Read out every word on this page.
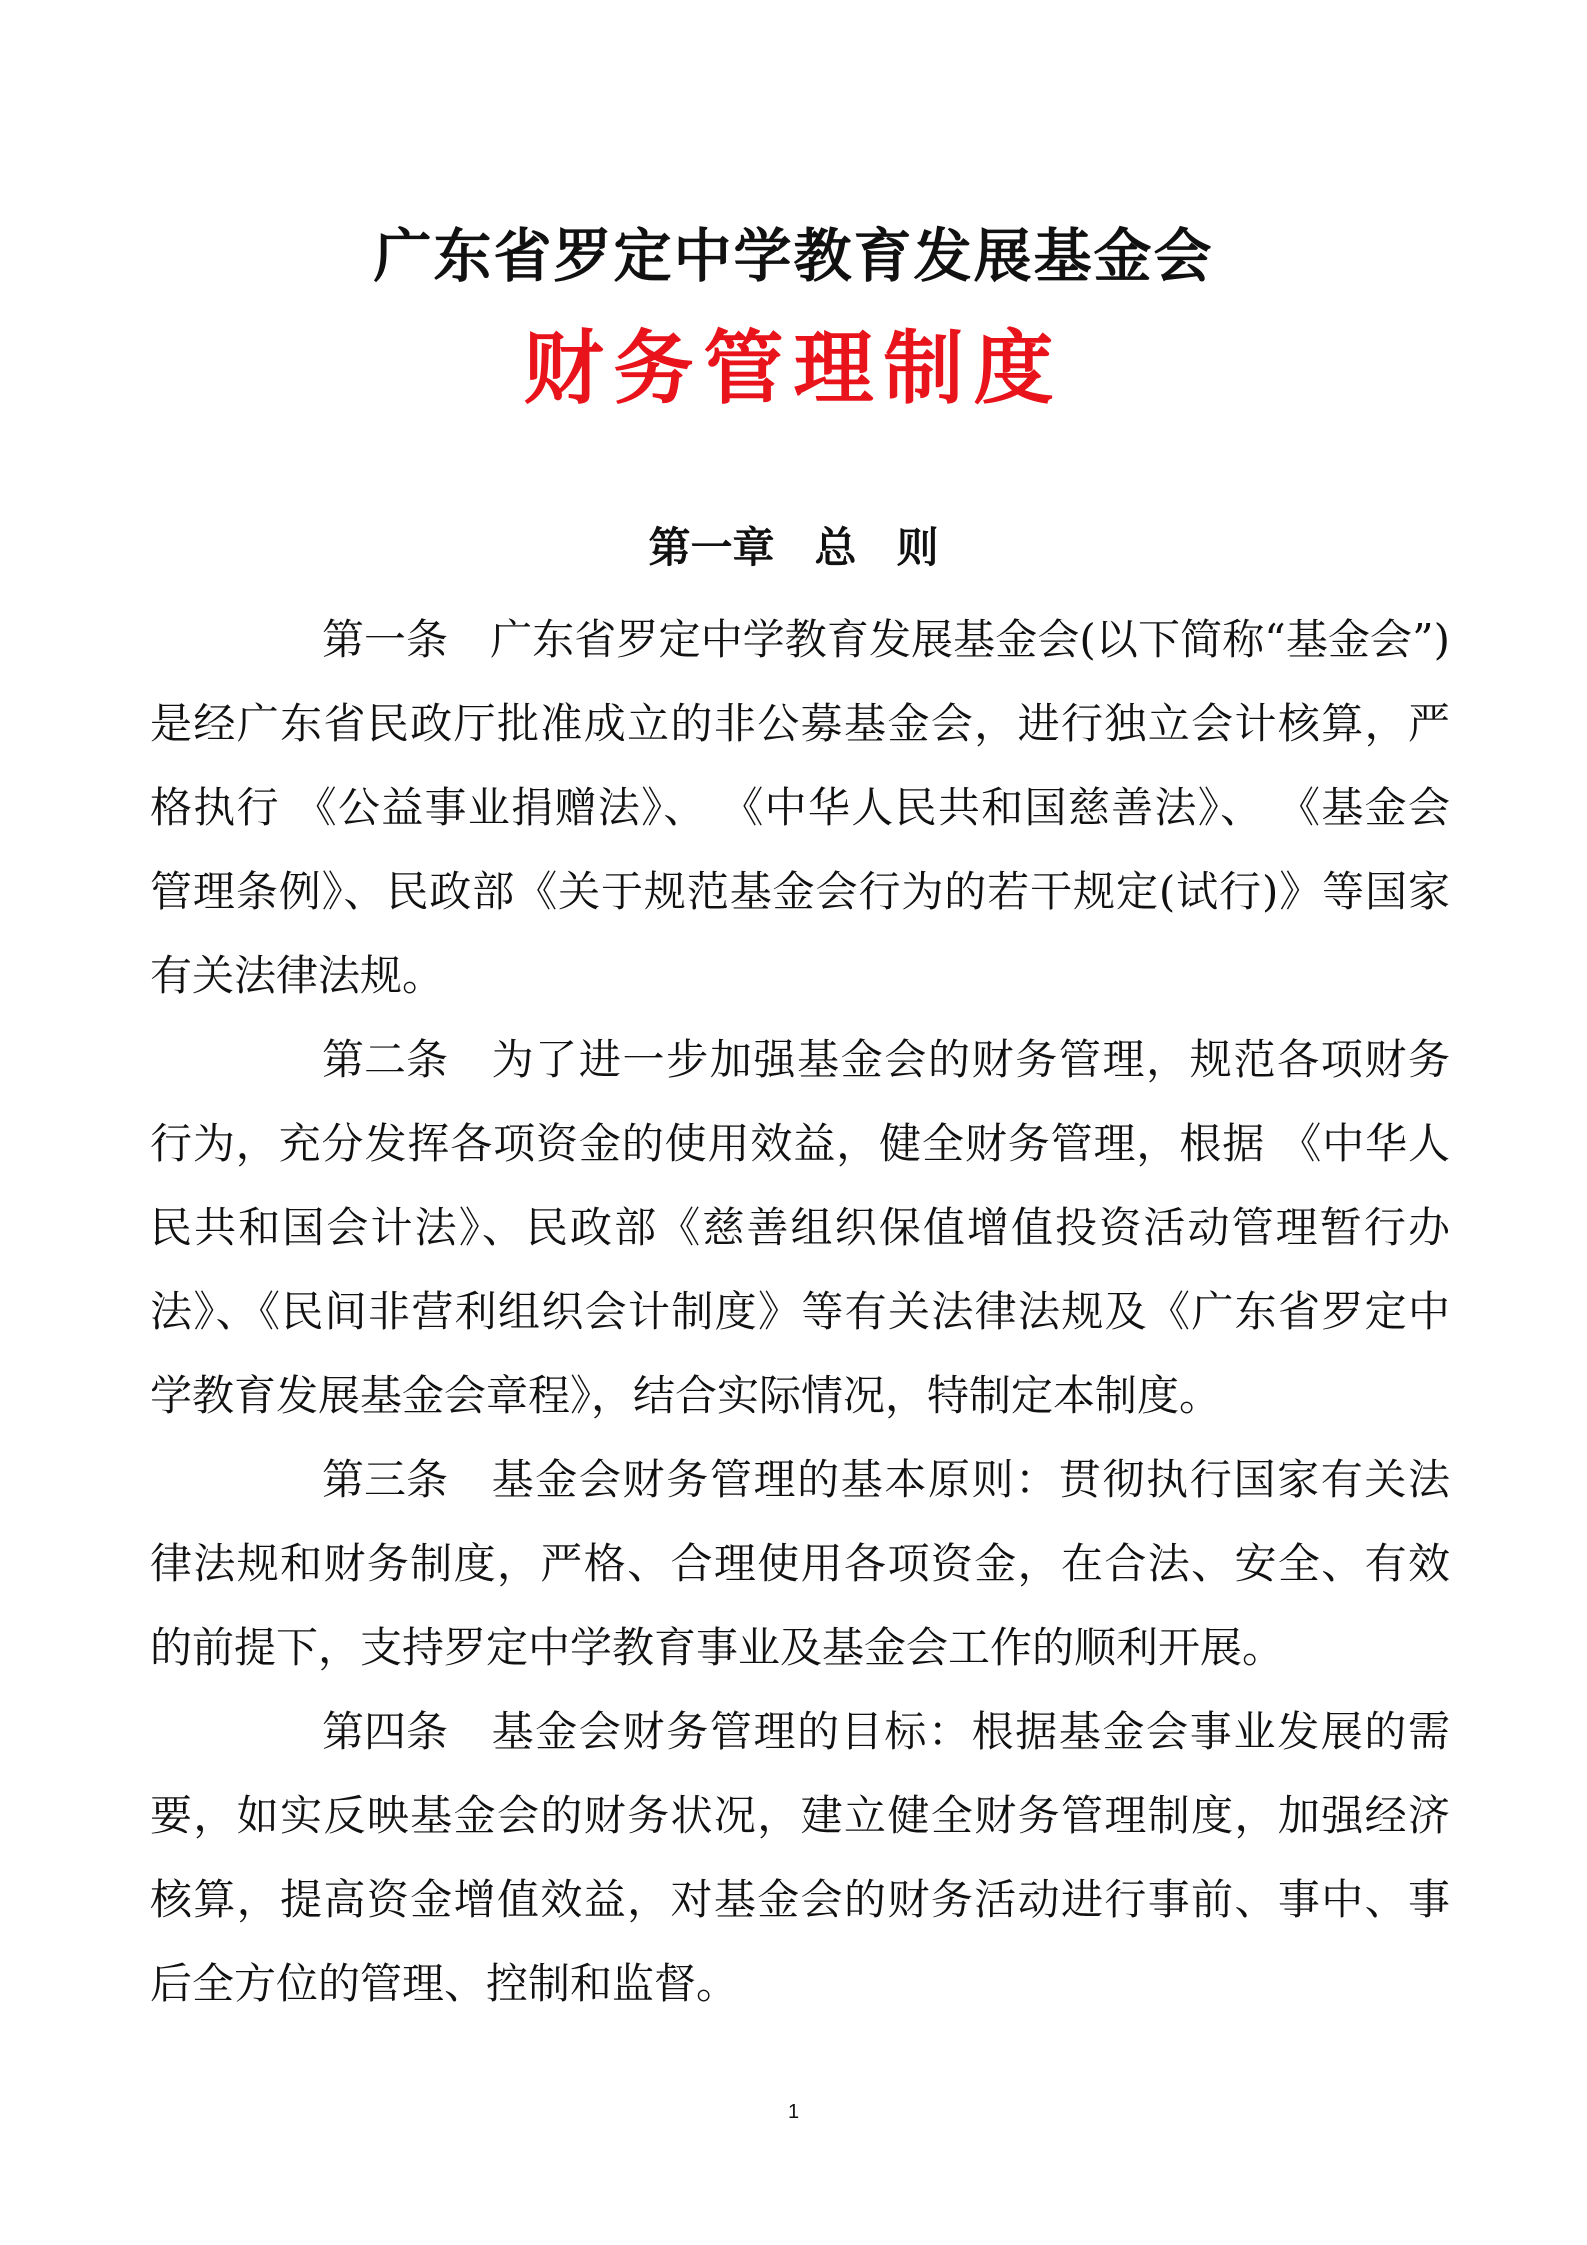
广东省罗定中学教育发展基金会
财务管理制度
第一章 总 则

第一条 广东省罗定中学教育发展基金会(以下简称“基金会”)是经广东省民政厅批准成立的非公募基金会，进行独立会计核算，严格执行 《公益事业捐赠法》、 《中华人民共和国慈善法》、 《基金会管理条例》、民政部《关于规范基金会行为的若干规定(试行)》等国家有关法律法规。

第二条 为了进一步加强基金会的财务管理，规范各项财务行为，充分发挥各项资金的使用效益，健全财务管理，根据 《中华人民共和国会计法》、民政部《慈善组织保值增值投资活动管理暂行办法》、《民间非营利组织会计制度》等有关法律法规及《广东省罗定中学教育发展基金会章程》，结合实际情况，特制定本制度。

第三条 基金会财务管理的基本原则：贯彻执行国家有关法律法规和财务制度，严格、合理使用各项资金，在合法、安全、有效的前提下，支持罗定中学教育事业及基金会工作的顺利开展。

第四条 基金会财务管理的目标：根据基金会事业发展的需要，如实反映基金会的财务状况，建立健全财务管理制度，加强经济核算，提高资金增值效益，对基金会的财务活动进行事前、事中、事后全方位的管理、控制和监督。

1
